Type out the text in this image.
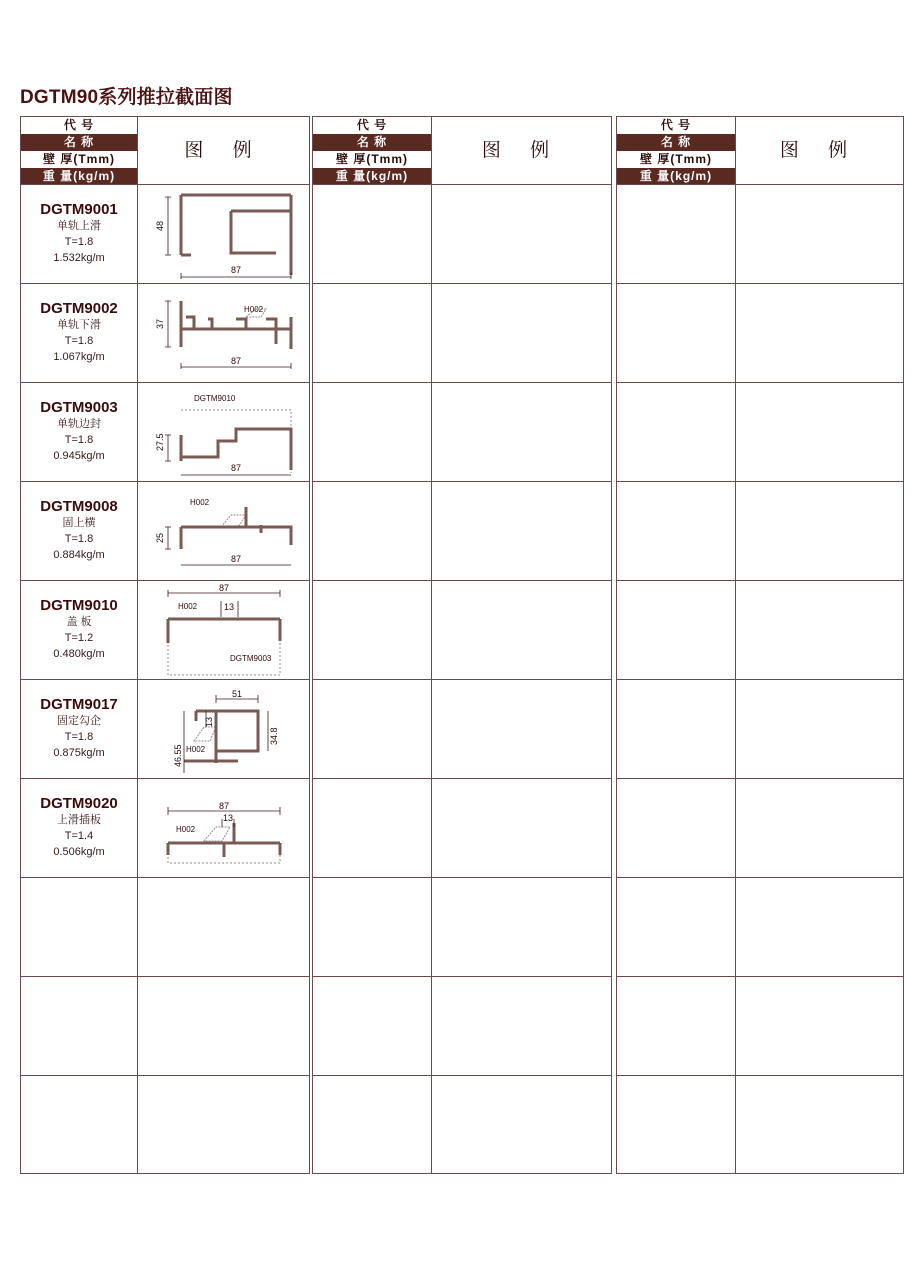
DGTM90系列推拉截面图
代 号
名 称
壁 厚(Tmm)
重 量(kg/m)
图 例
DGTM9001
单轨上滑
T=1.8
1.532kg/m
48
87
DGTM9002
单轨下滑
T=1.8
1.067kg/m
37
87
H002
DGTM9003
单轨边封
T=1.8
0.945kg/m
27.5
87
DGTM9010
DGTM9008
固上横
T=1.8
0.884kg/m
25
87
H002
DGTM9010
盖 板
T=1.2
0.480kg/m
87
13
H002
DGTM9003
DGTM9017
固定勾企
T=1.8
0.875kg/m
51
46.55
34.8
13
H002
DGTM9020
上滑插板
T=1.4
0.506kg/m
87
13
H002
代 号
名 称
壁 厚(Tmm)
重 量(kg/m)
图 例
代 号
名 称
壁 厚(Tmm)
重 量(kg/m)
图 例
